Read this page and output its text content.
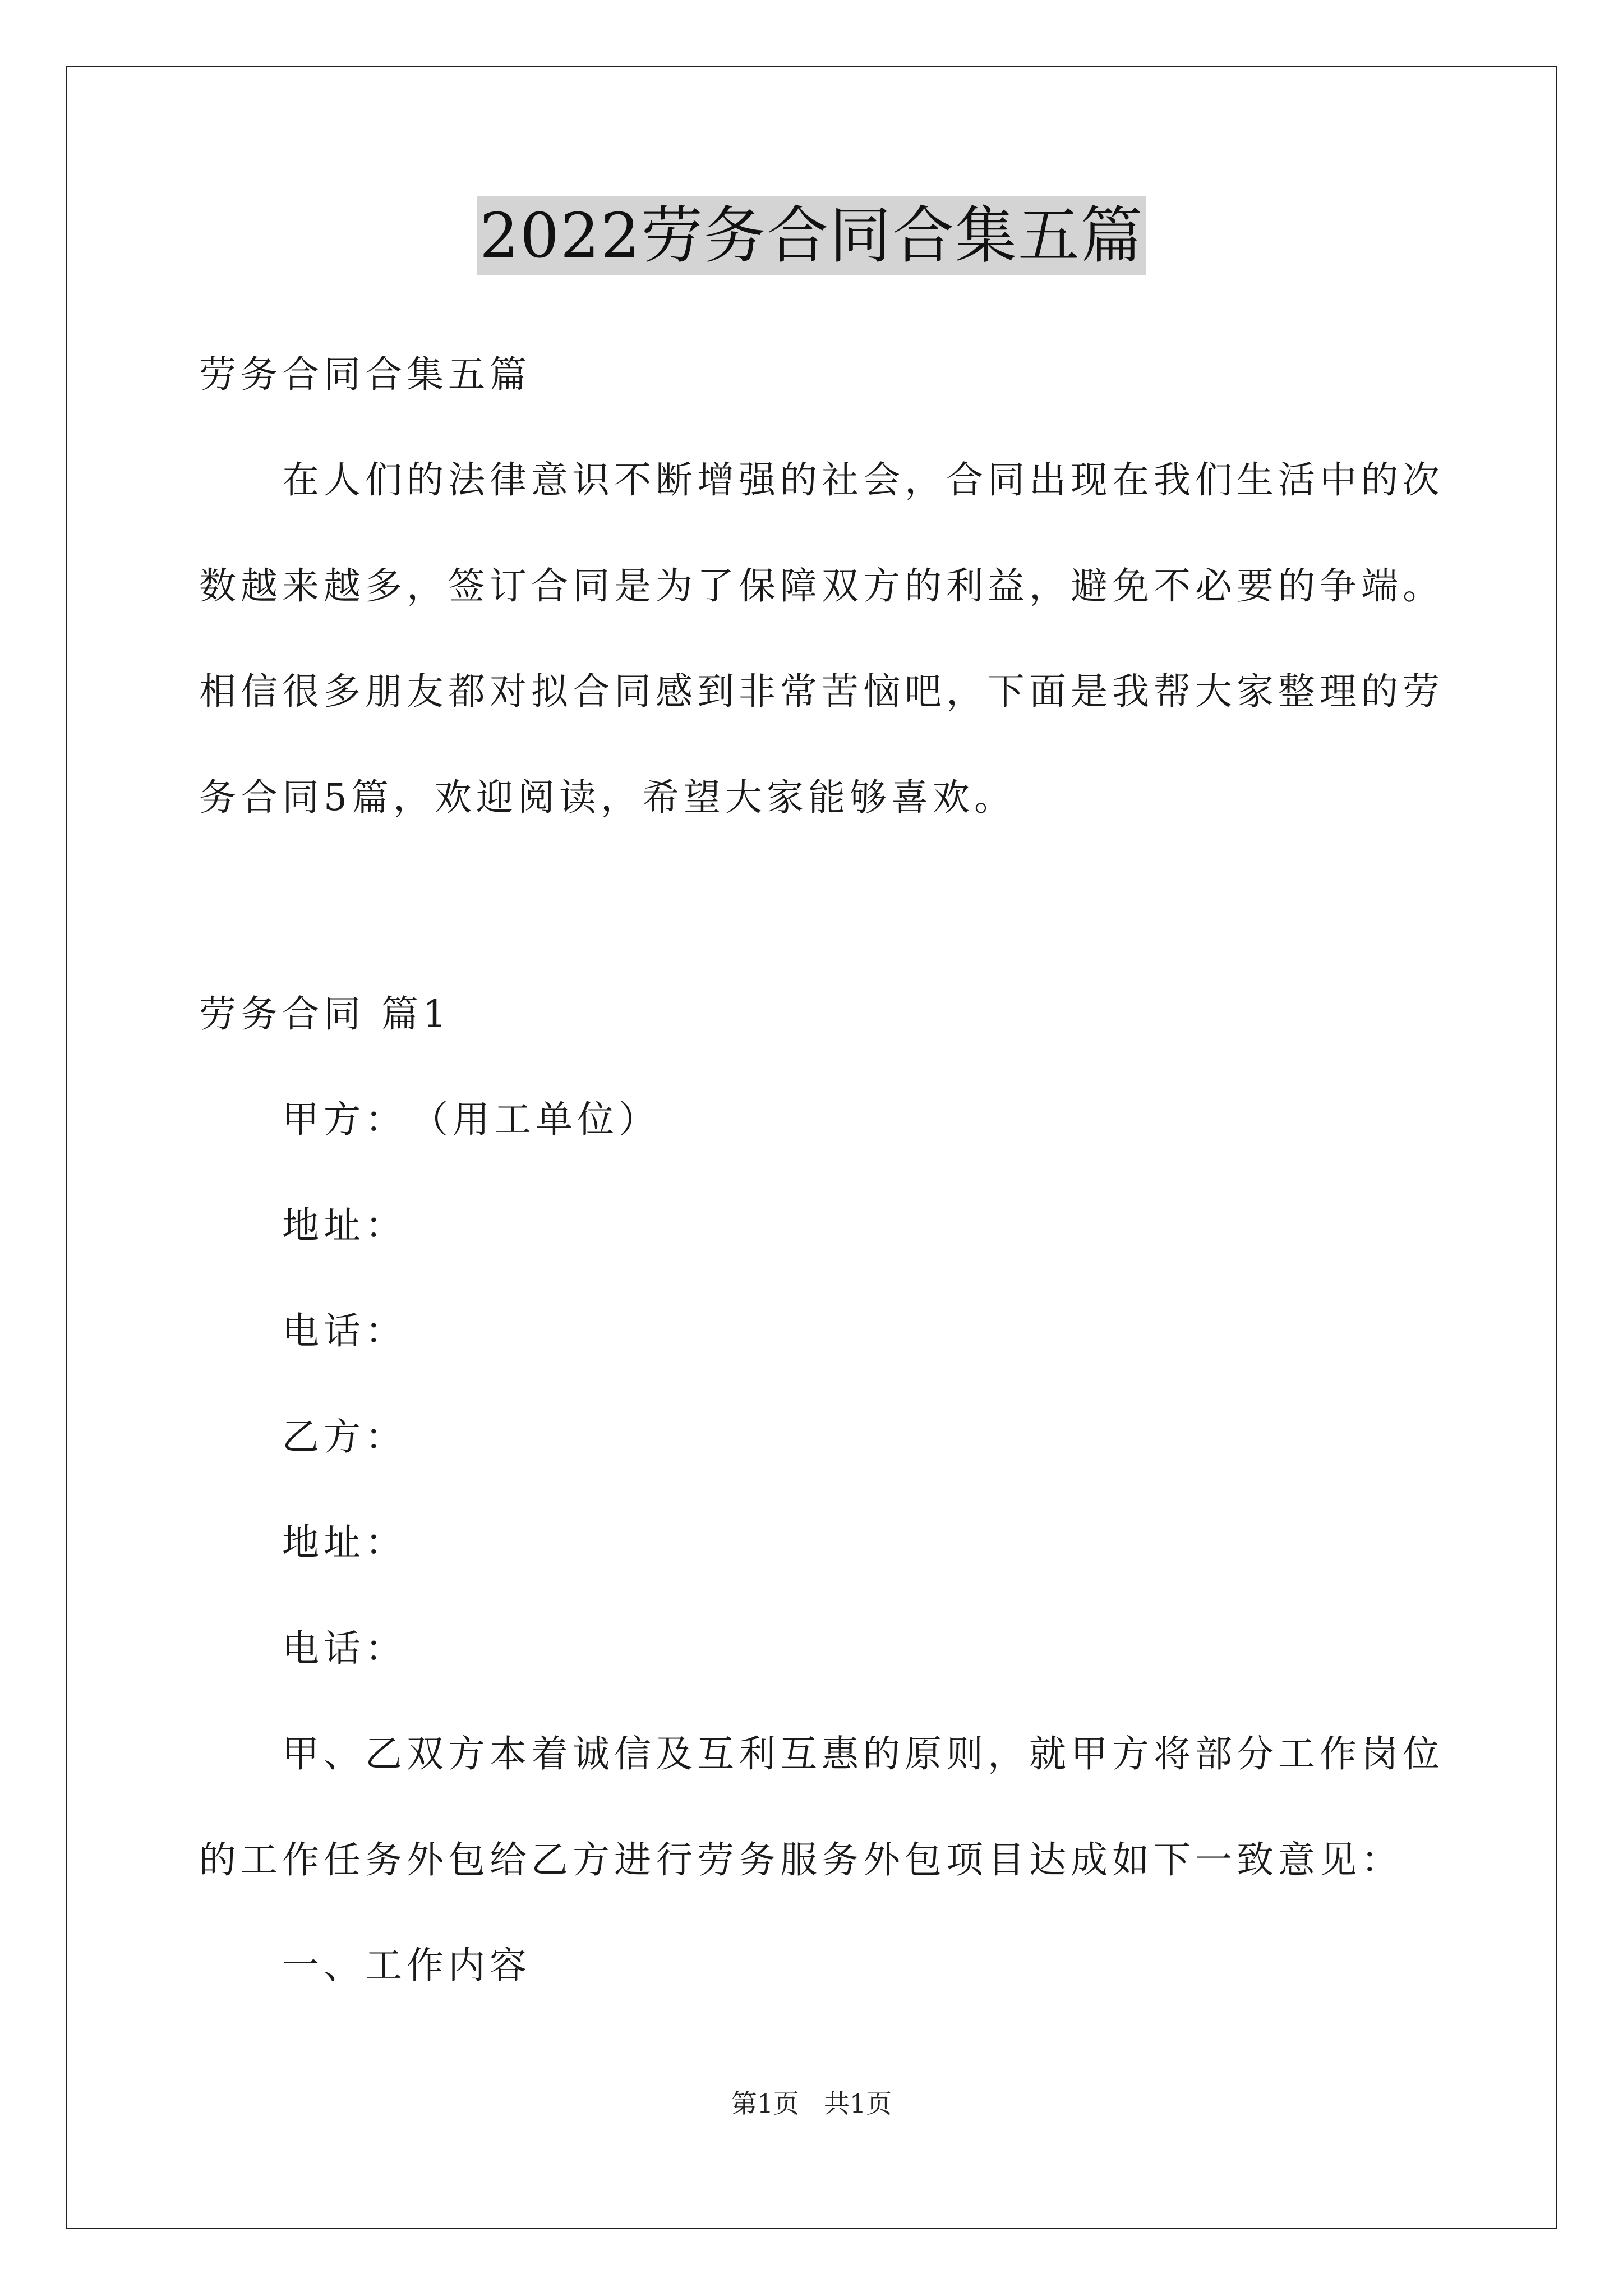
2022劳务合同合集五篇
劳务合同合集五篇
在人们的法律意识不断增强的社会，合同出现在我们生活中的次
数越来越多，签订合同是为了保障双方的利益，避免不必要的争端。
相信很多朋友都对拟合同感到非常苦恼吧，下面是我帮大家整理的劳
务合同5篇，欢迎阅读，希望大家能够喜欢。
劳务合同 篇1
甲方：　（用工单位）
地址：
电话：
乙方：
地址：
电话：
甲、乙双方本着诚信及互利互惠的原则，就甲方将部分工作岗位
的工作任务外包给乙方进行劳务服务外包项目达成如下一致意见：
一、工作内容
第1页 共1页
